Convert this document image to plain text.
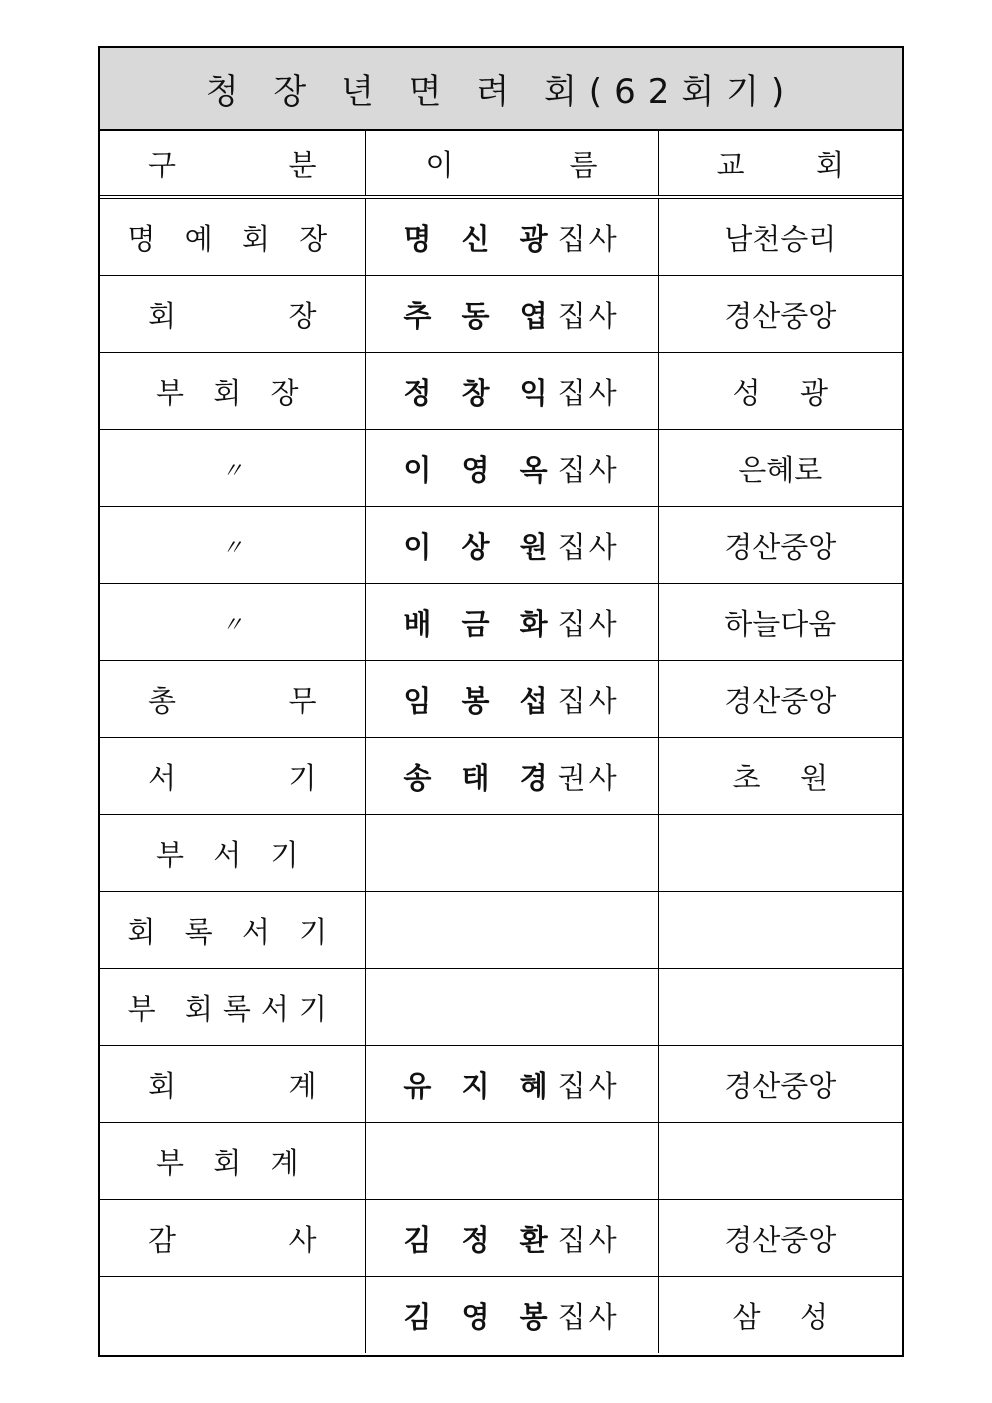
청 장 년 면 려 회(62회기)
구 분	이 름	교 회

명 예 회 장	명 신 광집사	남천승리

회 장	추 동 엽집사	경산중앙
부 회 장	정 창 익집사	성 광

〃	이 영 옥집사	은혜로
〃	이 상 원집사	경산중앙
〃	배 금 화집사	하늘다움

총 무	임 봉 섭집사	경산중앙

서 기	송 태 경권사	초 원

부 서 기		
회 록 서 기		
부 회록서기		

회 계	유 지 혜집사	경산중앙
부 회 계		

감 사	김 정 환집사	경산중앙
	김 영 봉집사	삼 성
